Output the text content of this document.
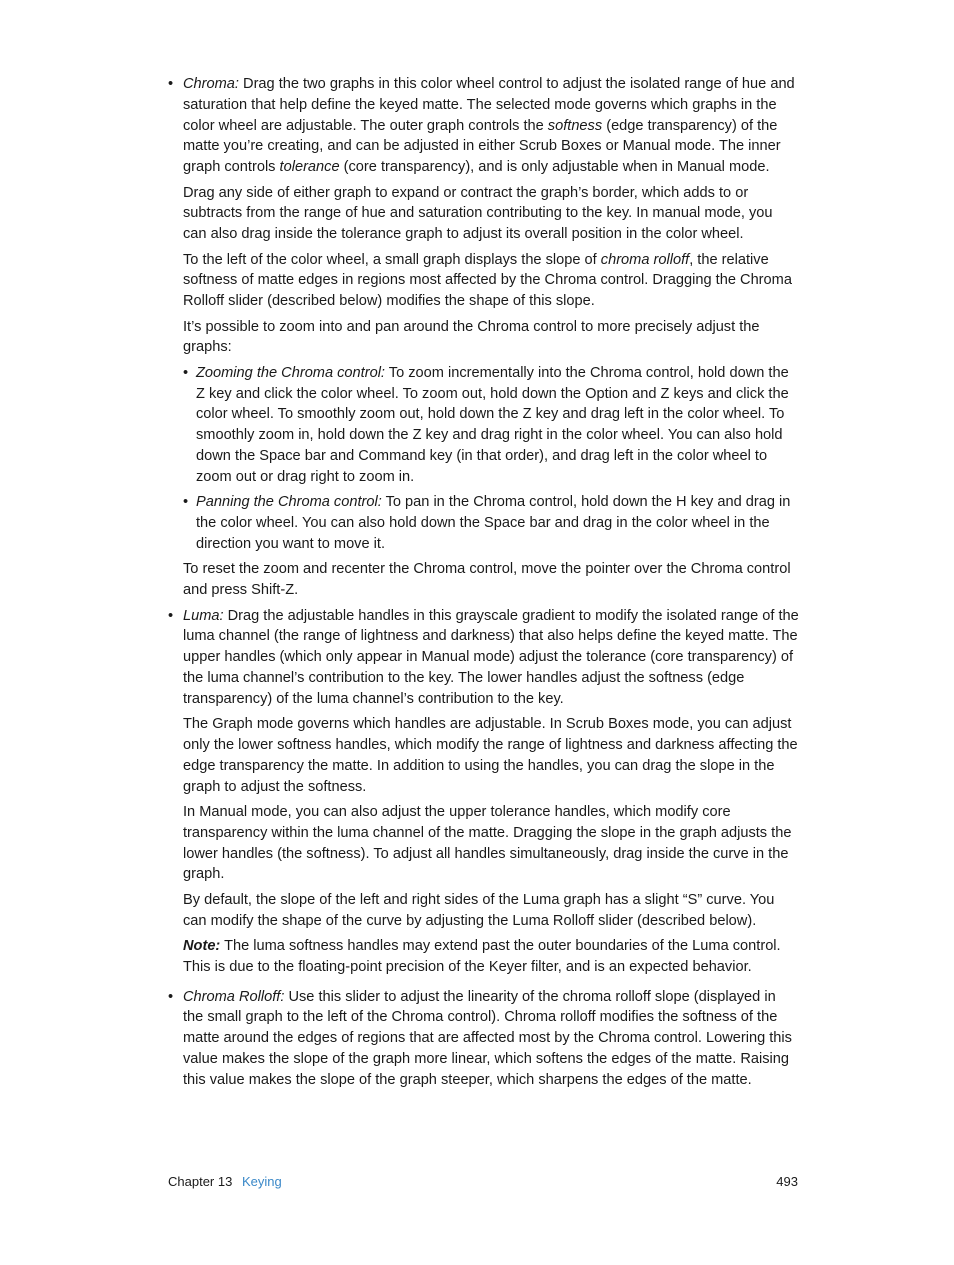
• Chroma: Drag the two graphs in this color wheel control to adjust the isolated range of hue and saturation that help define the keyed matte. The selected mode governs which graphs in the color wheel are adjustable. The outer graph controls the softness (edge transparency) of the matte you’re creating, and can be adjusted in either Scrub Boxes or Manual mode. The inner graph controls tolerance (core transparency), and is only adjustable when in Manual mode.

Drag any side of either graph to expand or contract the graph’s border, which adds to or subtracts from the range of hue and saturation contributing to the key. In manual mode, you can also drag inside the tolerance graph to adjust its overall position in the color wheel.

To the left of the color wheel, a small graph displays the slope of chroma rolloff, the relative softness of matte edges in regions most affected by the Chroma control. Dragging the Chroma Rolloff slider (described below) modifies the shape of this slope.

It’s possible to zoom into and pan around the Chroma control to more precisely adjust the graphs:

• Zooming the Chroma control: To zoom incrementally into the Chroma control, hold down the Z key and click the color wheel. To zoom out, hold down the Option and Z keys and click the color wheel. To smoothly zoom out, hold down the Z key and drag left in the color wheel. To smoothly zoom in, hold down the Z key and drag right in the color wheel. You can also hold down the Space bar and Command key (in that order), and drag left in the color wheel to zoom out or drag right to zoom in.

• Panning the Chroma control: To pan in the Chroma control, hold down the H key and drag in the color wheel. You can also hold down the Space bar and drag in the color wheel in the direction you want to move it.

To reset the zoom and recenter the Chroma control, move the pointer over the Chroma control and press Shift-Z.

• Luma: Drag the adjustable handles in this grayscale gradient to modify the isolated range of the luma channel (the range of lightness and darkness) that also helps define the keyed matte. The upper handles (which only appear in Manual mode) adjust the tolerance (core transparency) of the luma channel’s contribution to the key. The lower handles adjust the softness (edge transparency) of the luma channel’s contribution to the key.

The Graph mode governs which handles are adjustable. In Scrub Boxes mode, you can adjust only the lower softness handles, which modify the range of lightness and darkness affecting the edge transparency the matte. In addition to using the handles, you can drag the slope in the graph to adjust the softness.

In Manual mode, you can also adjust the upper tolerance handles, which modify core transparency within the luma channel of the matte. Dragging the slope in the graph adjusts the lower handles (the softness). To adjust all handles simultaneously, drag inside the curve in the graph.

By default, the slope of the left and right sides of the Luma graph has a slight “S” curve. You can modify the shape of the curve by adjusting the Luma Rolloff slider (described below).

Note: The luma softness handles may extend past the outer boundaries of the Luma control. This is due to the floating-point precision of the Keyer filter, and is an expected behavior.

• Chroma Rolloff: Use this slider to adjust the linearity of the chroma rolloff slope (displayed in the small graph to the left of the Chroma control). Chroma rolloff modifies the softness of the matte around the edges of regions that are affected most by the Chroma control. Lowering this value makes the slope of the graph more linear, which softens the edges of the matte. Raising this value makes the slope of the graph steeper, which sharpens the edges of the matte.

Chapter 13 Keying	493
